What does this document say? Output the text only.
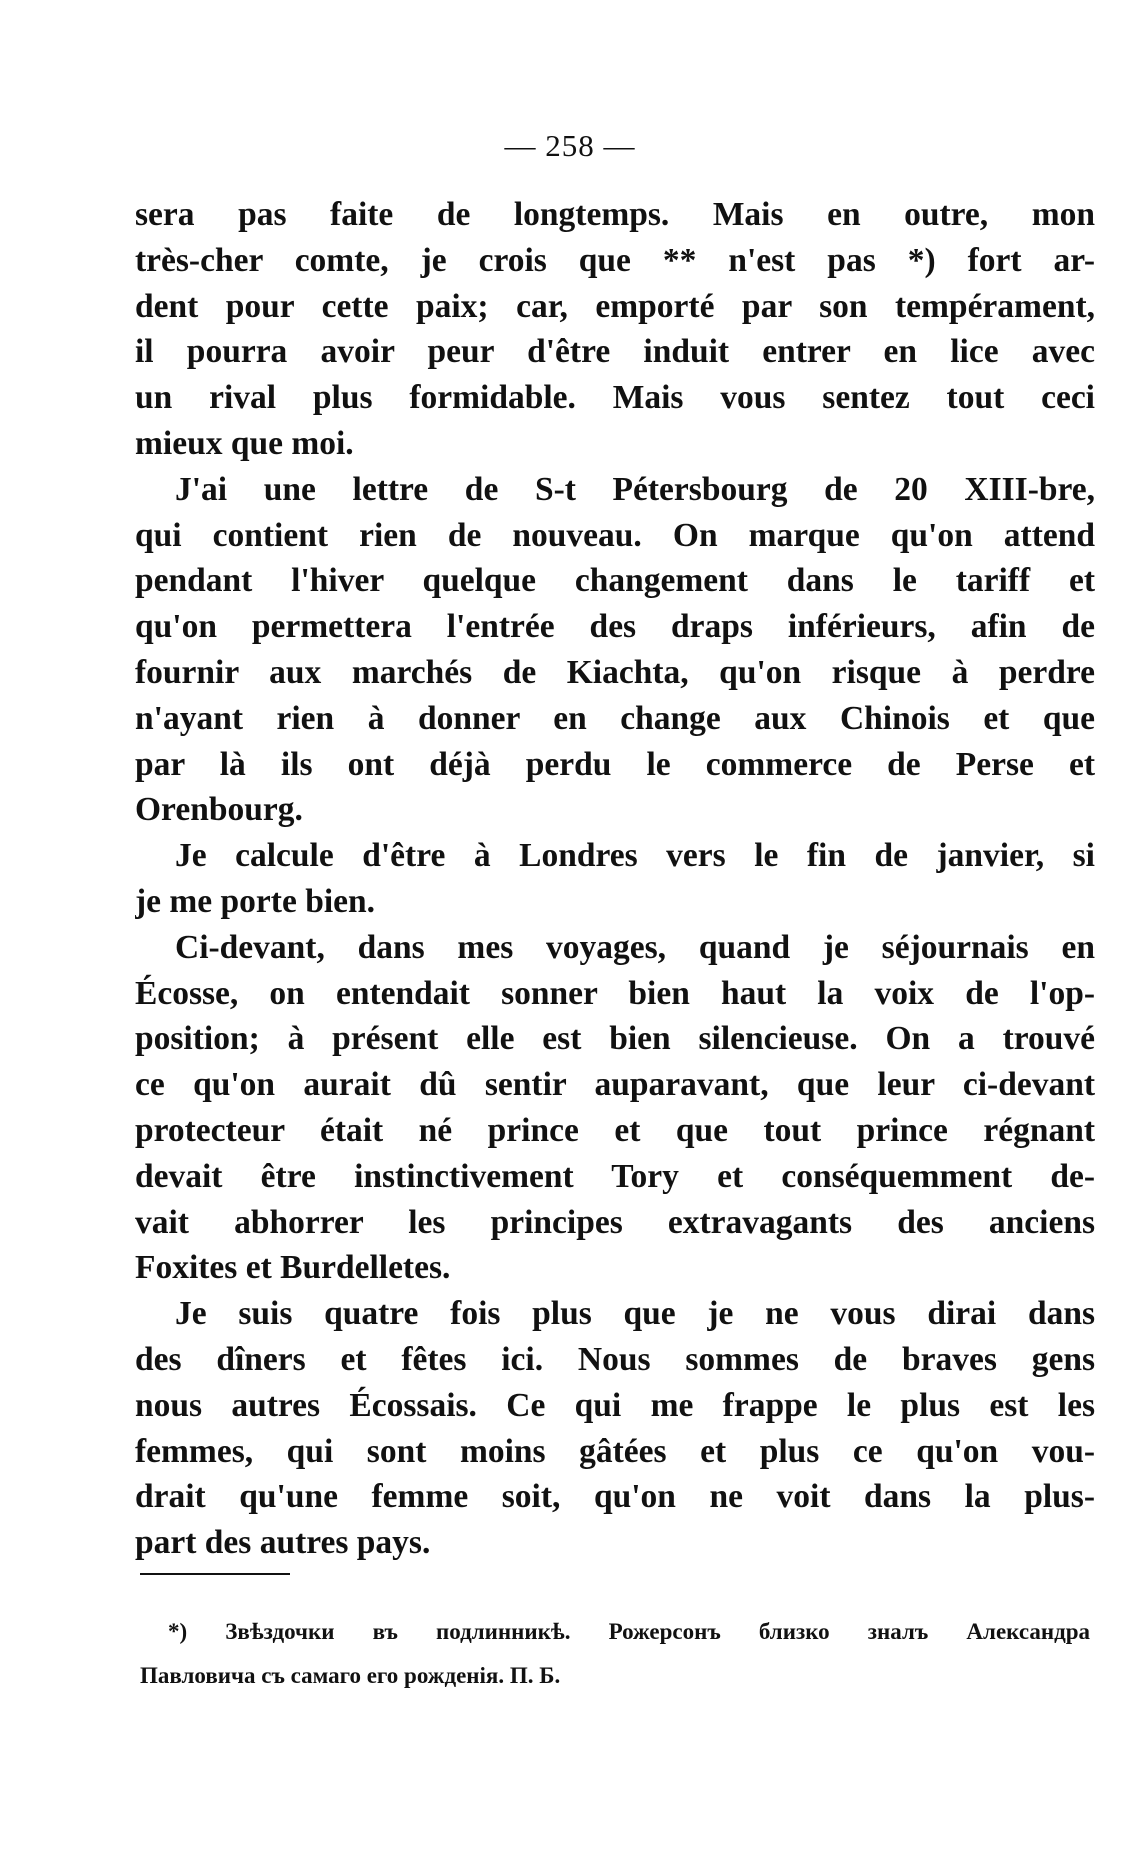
— 258 —
sera pas faite de longtemps. Mais en outre, mon
très-cher comte, je crois que ** n'est pas *) fort ar-
dent pour cette paix; car, emporté par son tempérament,
il pourra avoir peur d'être induit entrer en lice avec
un rival plus formidable. Mais vous sentez tout ceci
mieux que moi.
J'ai une lettre de S-t Pétersbourg de 20 XIII-bre,
qui contient rien de nouveau. On marque qu'on attend
pendant l'hiver quelque changement dans le tariff et
qu'on permettera l'entrée des draps inférieurs, afin de
fournir aux marchés de Kiachta, qu'on risque à perdre
n'ayant rien à donner en change aux Chinois et que
par là ils ont déjà perdu le commerce de Perse et
Orenbourg.
Je calcule d'être à Londres vers le fin de janvier, si
je me porte bien.
Ci-devant, dans mes voyages, quand je séjournais en
Écosse, on entendait sonner bien haut la voix de l'op-
position; à présent elle est bien silencieuse. On a trouvé
ce qu'on aurait dû sentir auparavant, que leur ci-devant
protecteur était né prince et que tout prince régnant
devait être instinctivement Tory et conséquemment de-
vait abhorrer les principes extravagants des anciens
Foxites et Burdelletes.
Je suis quatre fois plus que je ne vous dirai dans
des dîners et fêtes ici. Nous sommes de braves gens
nous autres Écossais. Ce qui me frappe le plus est les
femmes, qui sont moins gâtées et plus ce qu'on vou-
drait qu'une femme soit, qu'on ne voit dans la plus-
part des autres pays.
*) Звѣздочки въ подлинникѣ. Рожерсонъ близко зналъ Александра
Павловича съ самаго его рожденія. П. Б.
